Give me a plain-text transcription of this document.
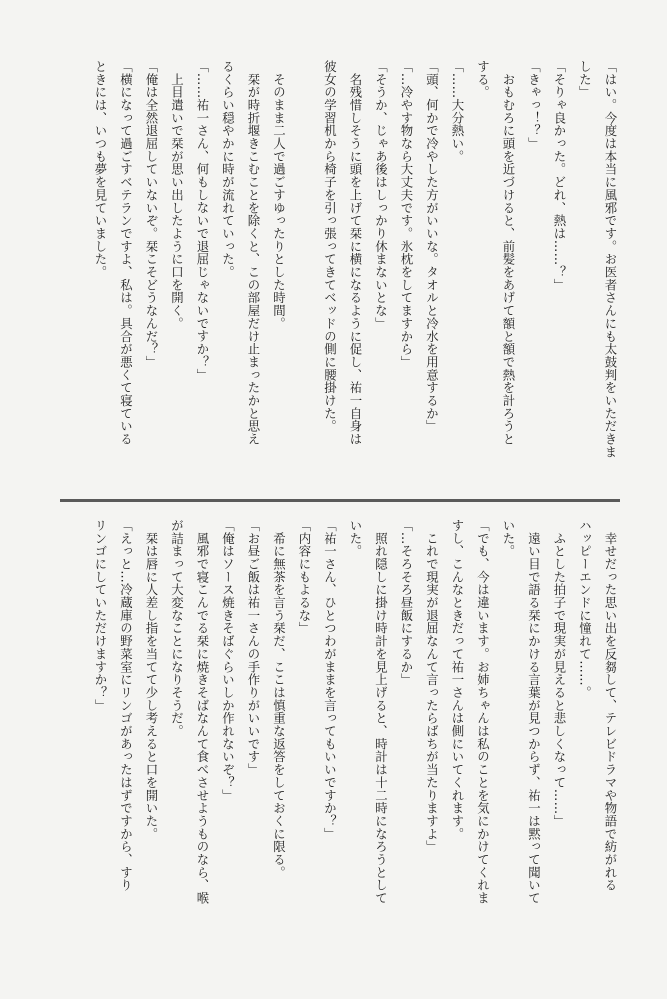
「はい。今度は本当に風邪です。お医者さんにも太鼓判をいただきま
した」
「そりゃ良かった。どれ、熱は……？」
「きゃっ！？」
　おもむろに頭を近づけると、前髪をあげて額と額で熱を計ろうと
する。
「……大分熱い。
「頭、何かで冷やした方がいいな。タオルと冷水を用意するか」
「…冷やす物なら大丈夫です。氷枕をしてますから」
「そうか、じゃあ後はしっかり休まないとな」
　名残惜しそうに頭を上げて栞に横になるように促し、祐一自身は
彼女の学習机から椅子を引っ張ってきてベッドの側に腰掛けた。

　そのまま二人で過ごすゆったりとした時間。
　栞が時折堰きこむことを除くと、この部屋だけ止まったかと思え
るくらい穏やかに時が流れていった。
「……祐一さん、何もしないで退屈じゃないですか？」
　上目遣いで栞が思い出したように口を開く。
「俺は全然退屈していないぞ。栞こそどうなんだ？」
「横になって過ごすベテランですよ、私は。具合が悪くて寝ている
ときには、いつも夢を見ていました。
　幸せだった思い出を反芻して、テレビドラマや物語で紡がれる
ハッピーエンドに憧れて……。
　ふとした拍子で現実が見えると悲しくなって……」
　遠い目で語る栞にかける言葉が見つからず、祐一は黙って聞いて
いた。
「でも、今は違います。お姉ちゃんは私のことを気にかけてくれま
すし、こんなときだって祐一さんは側にいてくれます。
　これで現実が退屈なんて言ったらばちが当たりますよ」
「…そろそろ昼飯にするか」
　照れ隠しに掛け時計を見上げると、時計は十二時になろうとして
いた。
「祐一さん、ひとつわがままを言ってもいいですか？」
「内容にもよるな」
　希に無茶を言う栞だ、ここは慎重な返答をしておくに限る。
「お昼ご飯は祐一さんの手作りがいいです」
「俺はソース焼きそばぐらいしか作れないぞ？」
　風邪で寝こんでる栞に焼きそばなんて食べさせようものなら、喉
が詰まって大変なことになりそうだ。
　栞は唇に人差し指を当てて少し考えると口を開いた。
「えっと…冷蔵庫の野菜室にリンゴがあったはずですから、すり
リンゴにしていただけますか？」
